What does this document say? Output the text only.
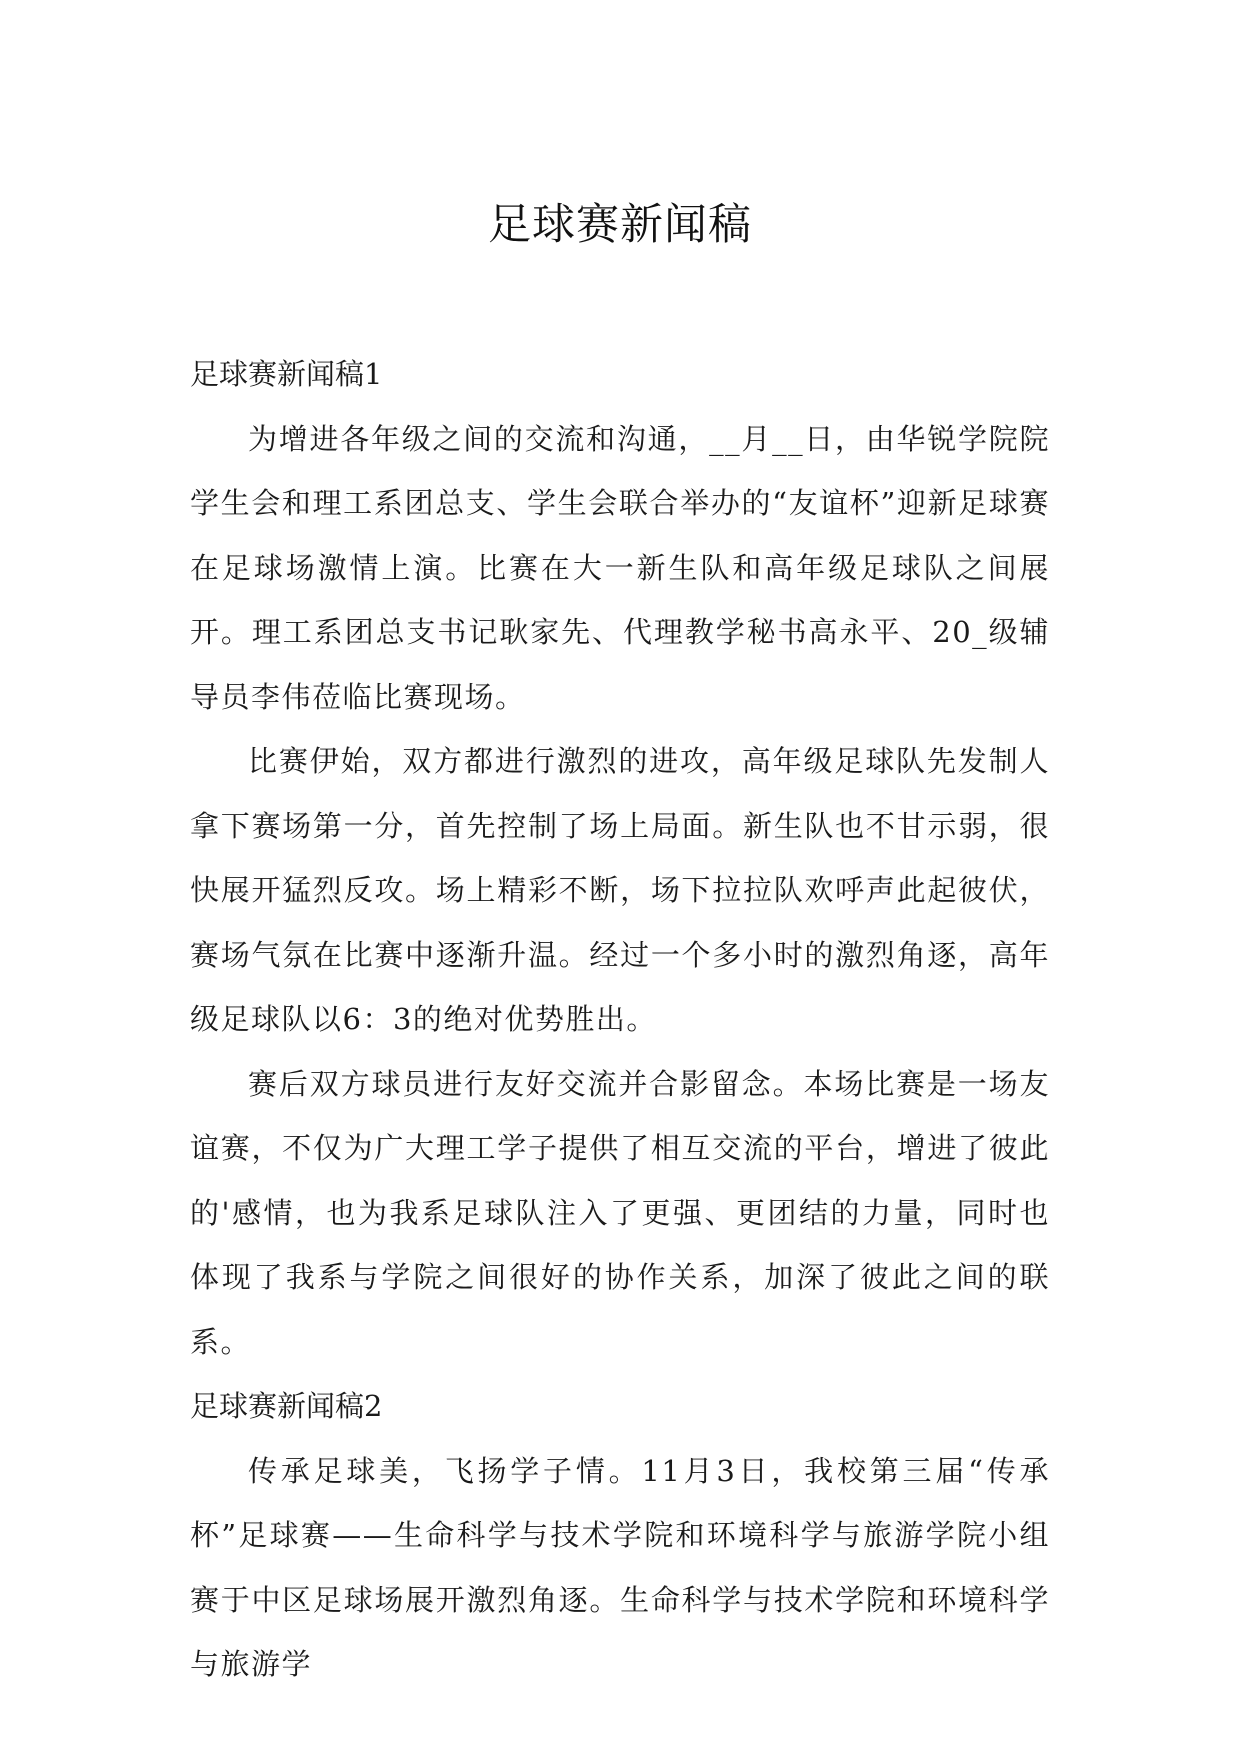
足球赛新闻稿
足球赛新闻稿1

为增进各年级之间的交流和沟通，__月__日，由华锐学院院学生会和理工系团总支、学生会联合举办的“友谊杯”迎新足球赛在足球场激情上演。比赛在大一新生队和高年级足球队之间展开。理工系团总支书记耿家先、代理教学秘书高永平、20_级辅导员李伟莅临比赛现场。

比赛伊始，双方都进行激烈的进攻，高年级足球队先发制人拿下赛场第一分，首先控制了场上局面。新生队也不甘示弱，很快展开猛烈反攻。场上精彩不断，场下拉拉队欢呼声此起彼伏，赛场气氛在比赛中逐渐升温。经过一个多小时的激烈角逐，高年级足球队以6：3的绝对优势胜出。

赛后双方球员进行友好交流并合影留念。本场比赛是一场友谊赛，不仅为广大理工学子提供了相互交流的平台，增进了彼此的'感情，也为我系足球队注入了更强、更团结的力量，同时也体现了我系与学院之间很好的协作关系，加深了彼此之间的联系。

足球赛新闻稿2

传承足球美，飞扬学子情。11月3日，我校第三届“传承杯”足球赛——生命科学与技术学院和环境科学与旅游学院小组赛于中区足球场展开激烈角逐。生命科学与技术学院和环境科学与旅游学
